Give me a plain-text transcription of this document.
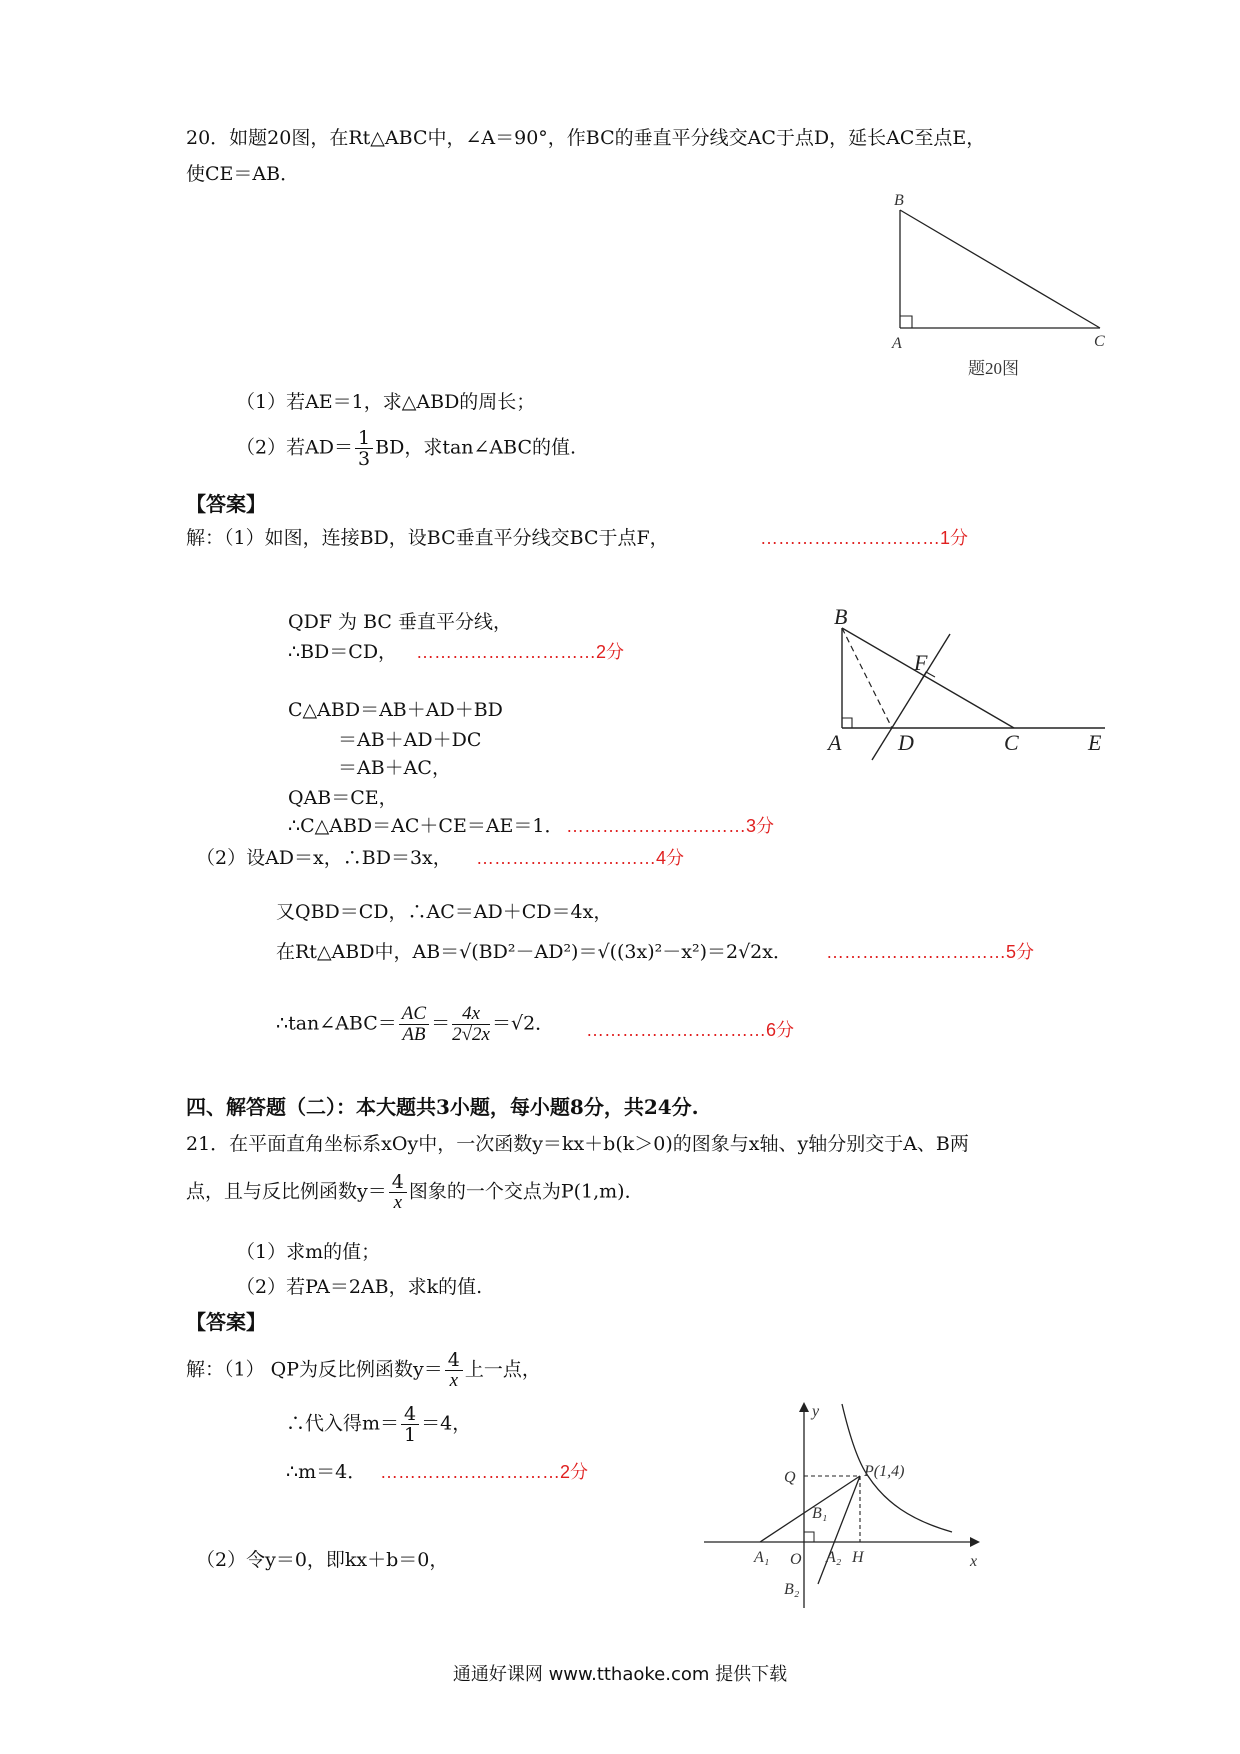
20．如题20图，在Rt△ABC中，∠A＝90°，作BC的垂直平分线交AC于点D，延长AC至点E，
使CE＝AB．
B
A	C
题20图
（1）若AE＝1，求△ABD的周长；
（2）若$AD= \frac{1}{3}$ BD，求tan∠ABC的值.
【答案】
解：（1）如图，连接BD，设BC垂直平分线交BC于点F，	…………………………1分
QDF 为 BC 垂直平分线，
∴BD＝CD， …………………………2分
C△ABD＝AB＋AD＋BD
＝AB＋AD＋DC
＝AB＋AC，
QAB＝CE，
∴C△ABD＝AC＋CE＝AE＝1． …………………………3分
B
F
A	D	C	E
（2）设AD＝x，∴BD＝3x， …………………………4分
又QBD＝CD，∴AC＝AD＋CD＝4x，
在Rt△ABD中，AB＝√(BD²－AD²)＝√((3x)²－x²)＝2√2x． …………………………5分
∴tan∠ABC＝ $\frac{AC}{AB} = \frac{4x}{2√2x} =√2$． …………………………6分
四、解答题（二）：本大题共3小题，每小题8分，共24分.
21．在平面直角坐标系xOy中，一次函数y＝kx＋b(k＞0)的图象与x轴、y轴分别交于A、B两
点，且与反比例函数$y= \frac{4}{x}$ 图象的一个交点为P(1,m)．
（1）求m的值；
（2）若PA＝2AB，求k的值.
【答案】
解：（1） QP为反比例函数$y= \frac{4}{x}$ 上一点，
∴代入得$m= \frac{4}{1} =4$，
∴m＝4． …………………………2分
y
x
Q	P(1,4)
B₁
A₁ O A₂ H
B₂
（2）令y＝0，即kx＋b＝0，
通通好课网 www.tthaoke.com 提供下载
